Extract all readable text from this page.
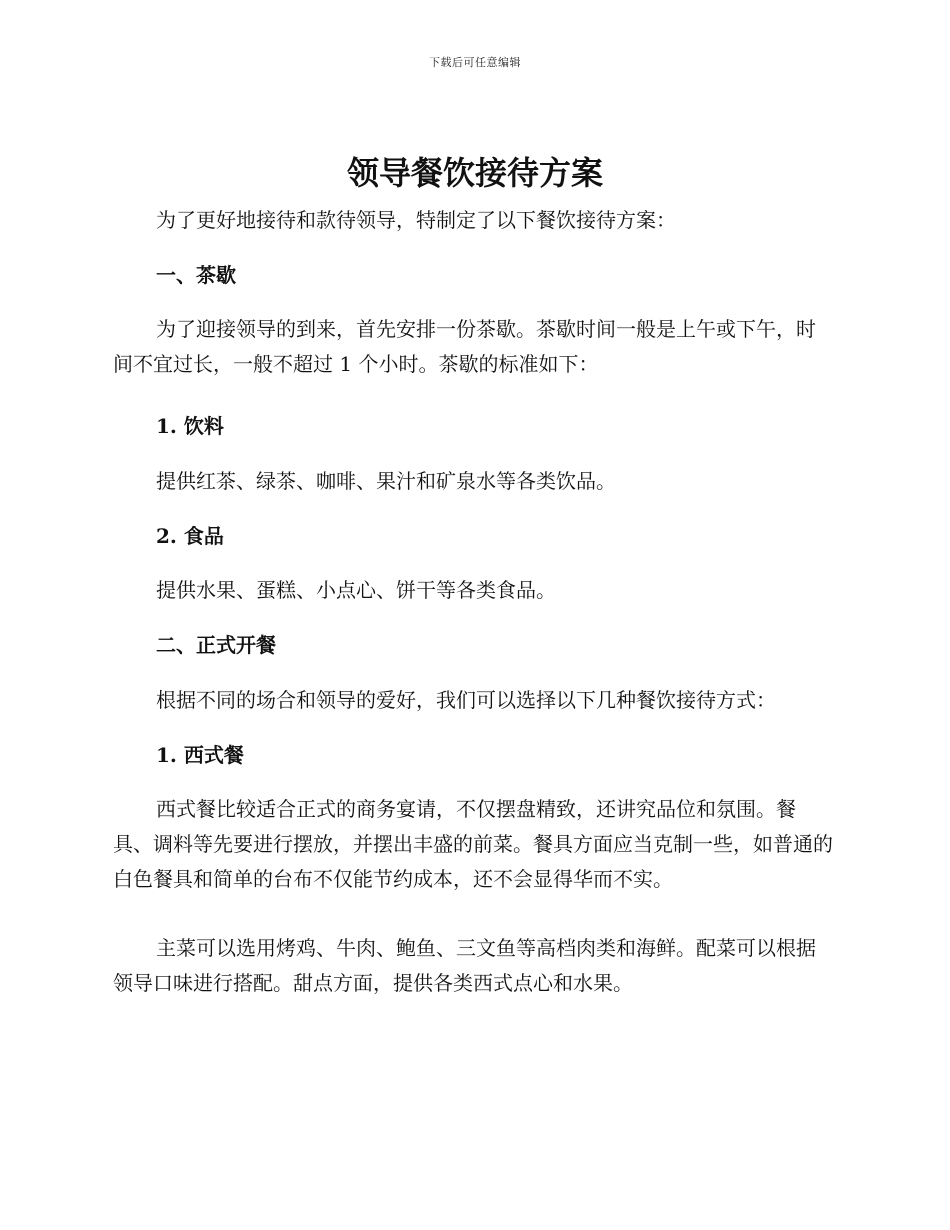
下载后可任意编辑
领导餐饮接待方案

为了更好地接待和款待领导，特制定了以下餐饮接待方案：

一、茶歇

为了迎接领导的到来，首先安排一份茶歇。茶歇时间一般是上午或下午，时间不宜过长，一般不超过 1 个小时。茶歇的标准如下：

1. 饮料

提供红茶、绿茶、咖啡、果汁和矿泉水等各类饮品。

2. 食品

提供水果、蛋糕、小点心、饼干等各类食品。

二、正式开餐

根据不同的场合和领导的爱好，我们可以选择以下几种餐饮接待方式：

1. 西式餐

西式餐比较适合正式的商务宴请，不仅摆盘精致，还讲究品位和氛围。餐具、调料等先要进行摆放，并摆出丰盛的前菜。餐具方面应当克制一些，如普通的白色餐具和简单的台布不仅能节约成本，还不会显得华而不实。

主菜可以选用烤鸡、牛肉、鲍鱼、三文鱼等高档肉类和海鲜。配菜可以根据领导口味进行搭配。甜点方面，提供各类西式点心和水果。
